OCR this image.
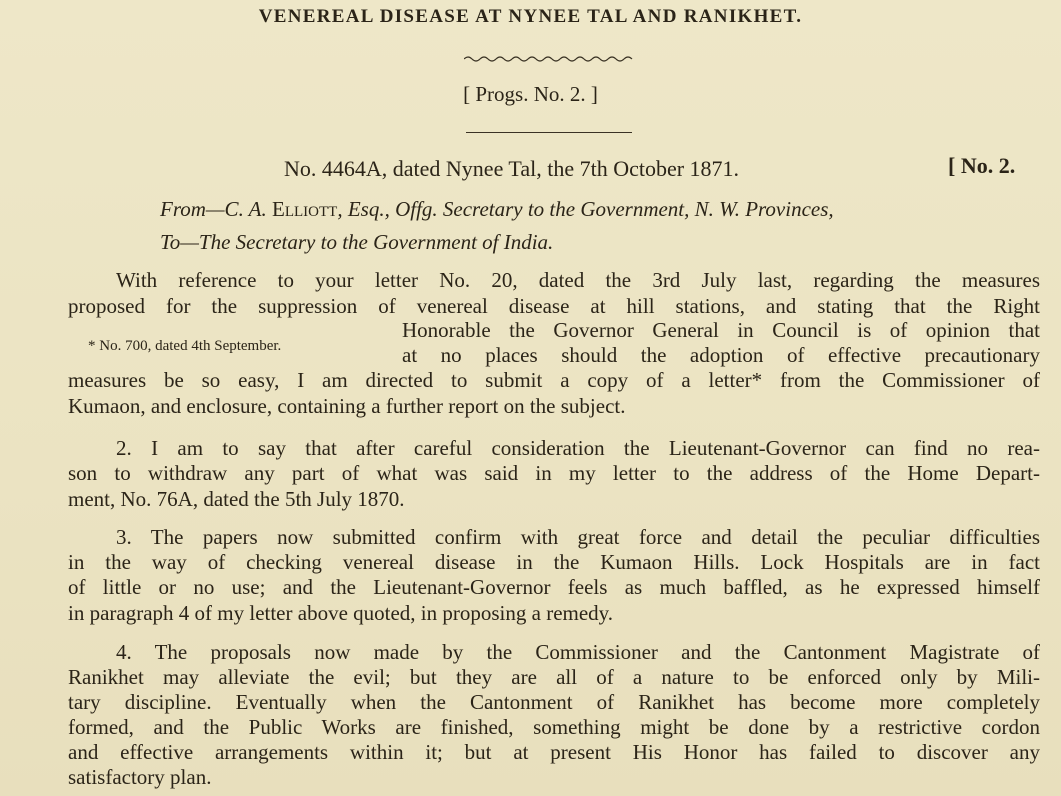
VENEREAL DISEASE AT NYNEE TAL AND RANIKHET.
[ Progs. No. 2. ]
No. 4464A, dated Nynee Tal, the 7th October 1871.	[ No. 2.
From—C. A. Elliott, Esq., Offg. Secretary to the Government, N. W. Provinces,
To—The Secretary to the Government of India.
With reference to your letter No. 20, dated the 3rd July last, regarding the measures
proposed for the suppression of venereal disease at hill stations, and stating that the Right
* No. 700, dated 4th September.
Honorable the Governor General in Council is of opinion that
at no places should the adoption of effective precautionary
measures be so easy, I am directed to submit a copy of a letter* from the Commissioner of
Kumaon, and enclosure, containing a further report on the subject.
2. I am to say that after careful consideration the Lieutenant-Governor can find no rea-
son to withdraw any part of what was said in my letter to the address of the Home Depart-
ment, No. 76A, dated the 5th July 1870.
3. The papers now submitted confirm with great force and detail the peculiar difficulties
in the way of checking venereal disease in the Kumaon Hills. Lock Hospitals are in fact
of little or no use; and the Lieutenant-Governor feels as much baffled, as he expressed himself
in paragraph 4 of my letter above quoted, in proposing a remedy.
4. The proposals now made by the Commissioner and the Cantonment Magistrate of
Ranikhet may alleviate the evil; but they are all of a nature to be enforced only by Mili-
tary discipline. Eventually when the Cantonment of Ranikhet has become more completely
formed, and the Public Works are finished, something might be done by a restrictive cordon
and effective arrangements within it; but at present His Honor has failed to discover any
satisfactory plan.
